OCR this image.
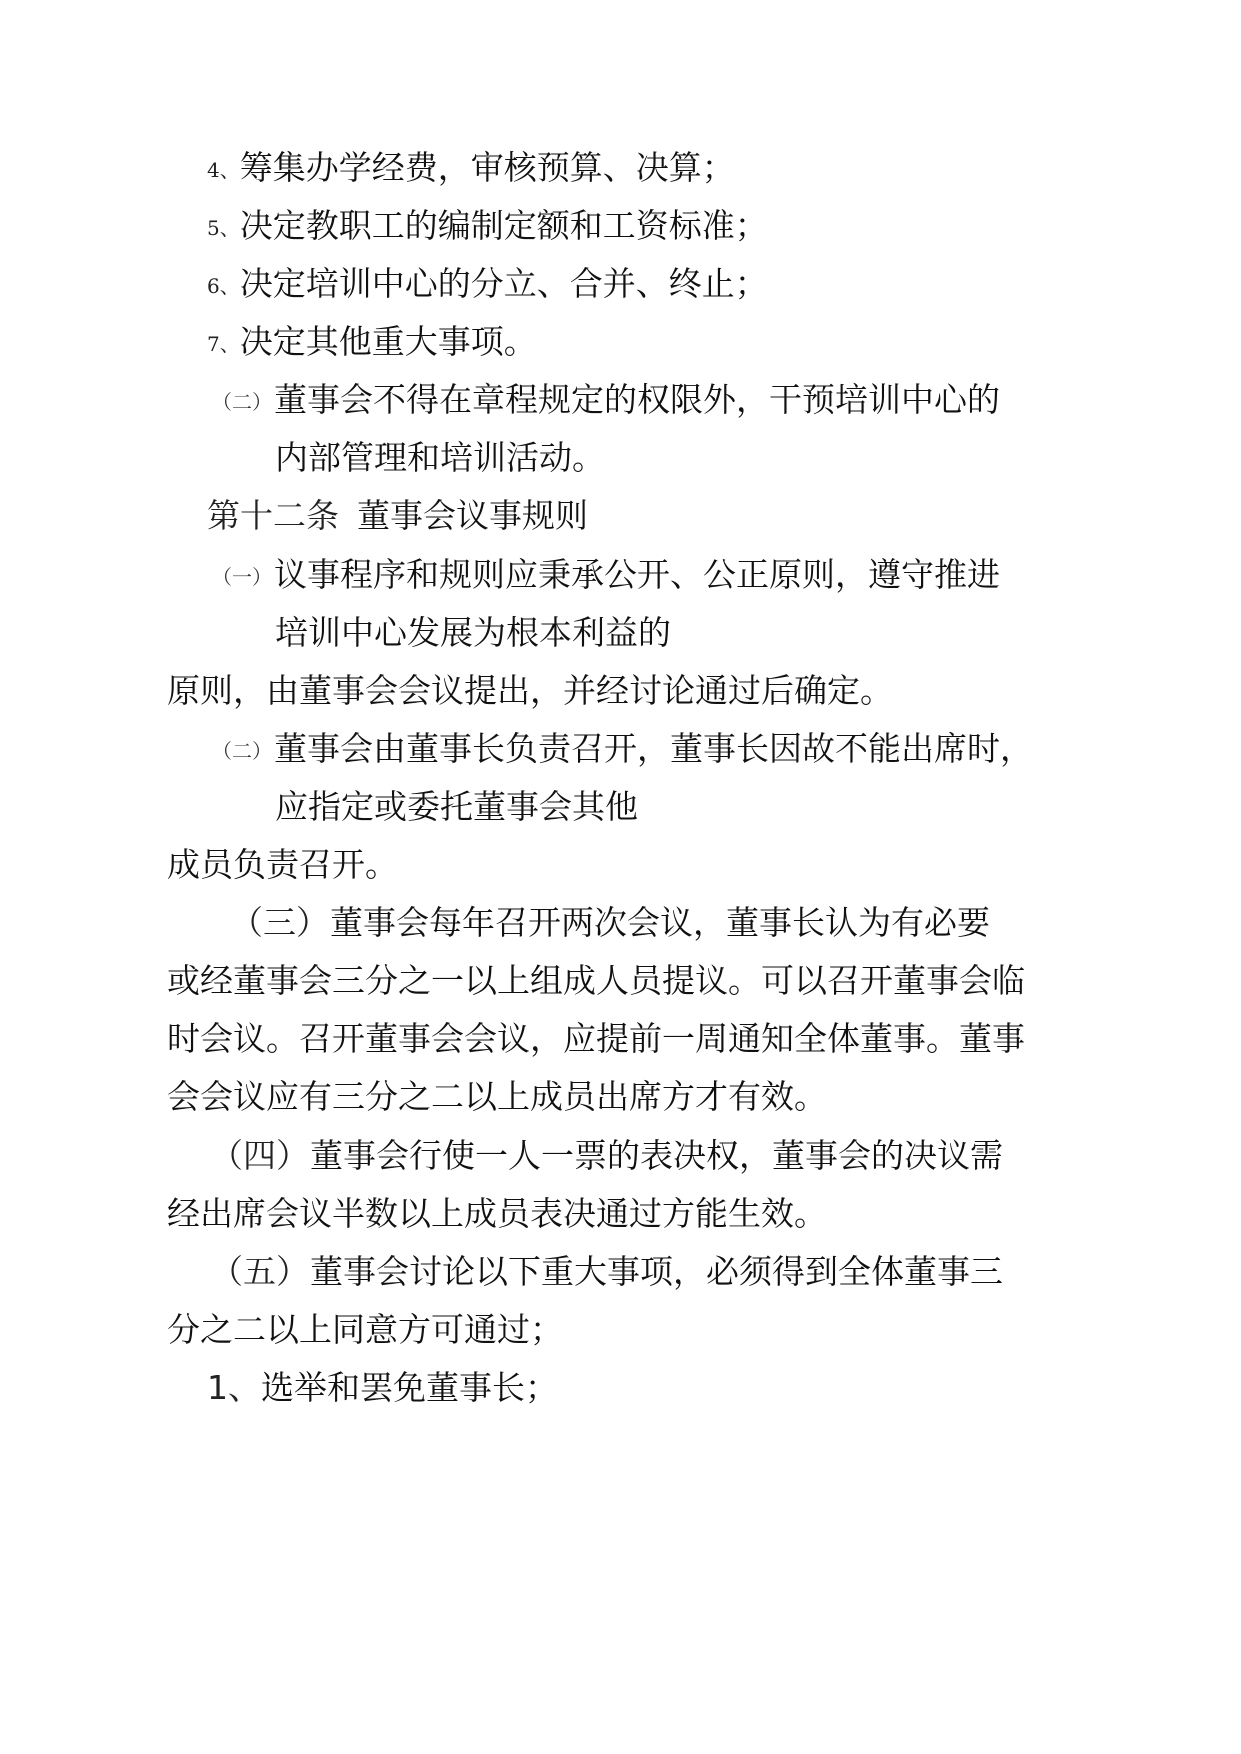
4、筹集办学经费，审核预算、决算；
5、决定教职工的编制定额和工资标准；
6、决定培训中心的分立、合并、终止；
7、决定其他重大事项。
（二）董事会不得在章程规定的权限外，干预培训中心的
内部管理和培训活动。
第十二条 董事会议事规则
（一）议事程序和规则应秉承公开、公正原则，遵守推进
培训中心发展为根本利益的
原则，由董事会会议提出，并经讨论通过后确定。
（二）董事会由董事长负责召开，董事长因故不能出席时，
应指定或委托董事会其他
成员负责召开。
（三）董事会每年召开两次会议，董事长认为有必要
或经董事会三分之一以上组成人员提议。可以召开董事会临
时会议。召开董事会会议，应提前一周通知全体董事。董事
会会议应有三分之二以上成员出席方才有效。
（四）董事会行使一人一票的表决权，董事会的决议需
经出席会议半数以上成员表决通过方能生效。
（五）董事会讨论以下重大事项，必须得到全体董事三
分之二以上同意方可通过；
1、选举和罢免董事长；
